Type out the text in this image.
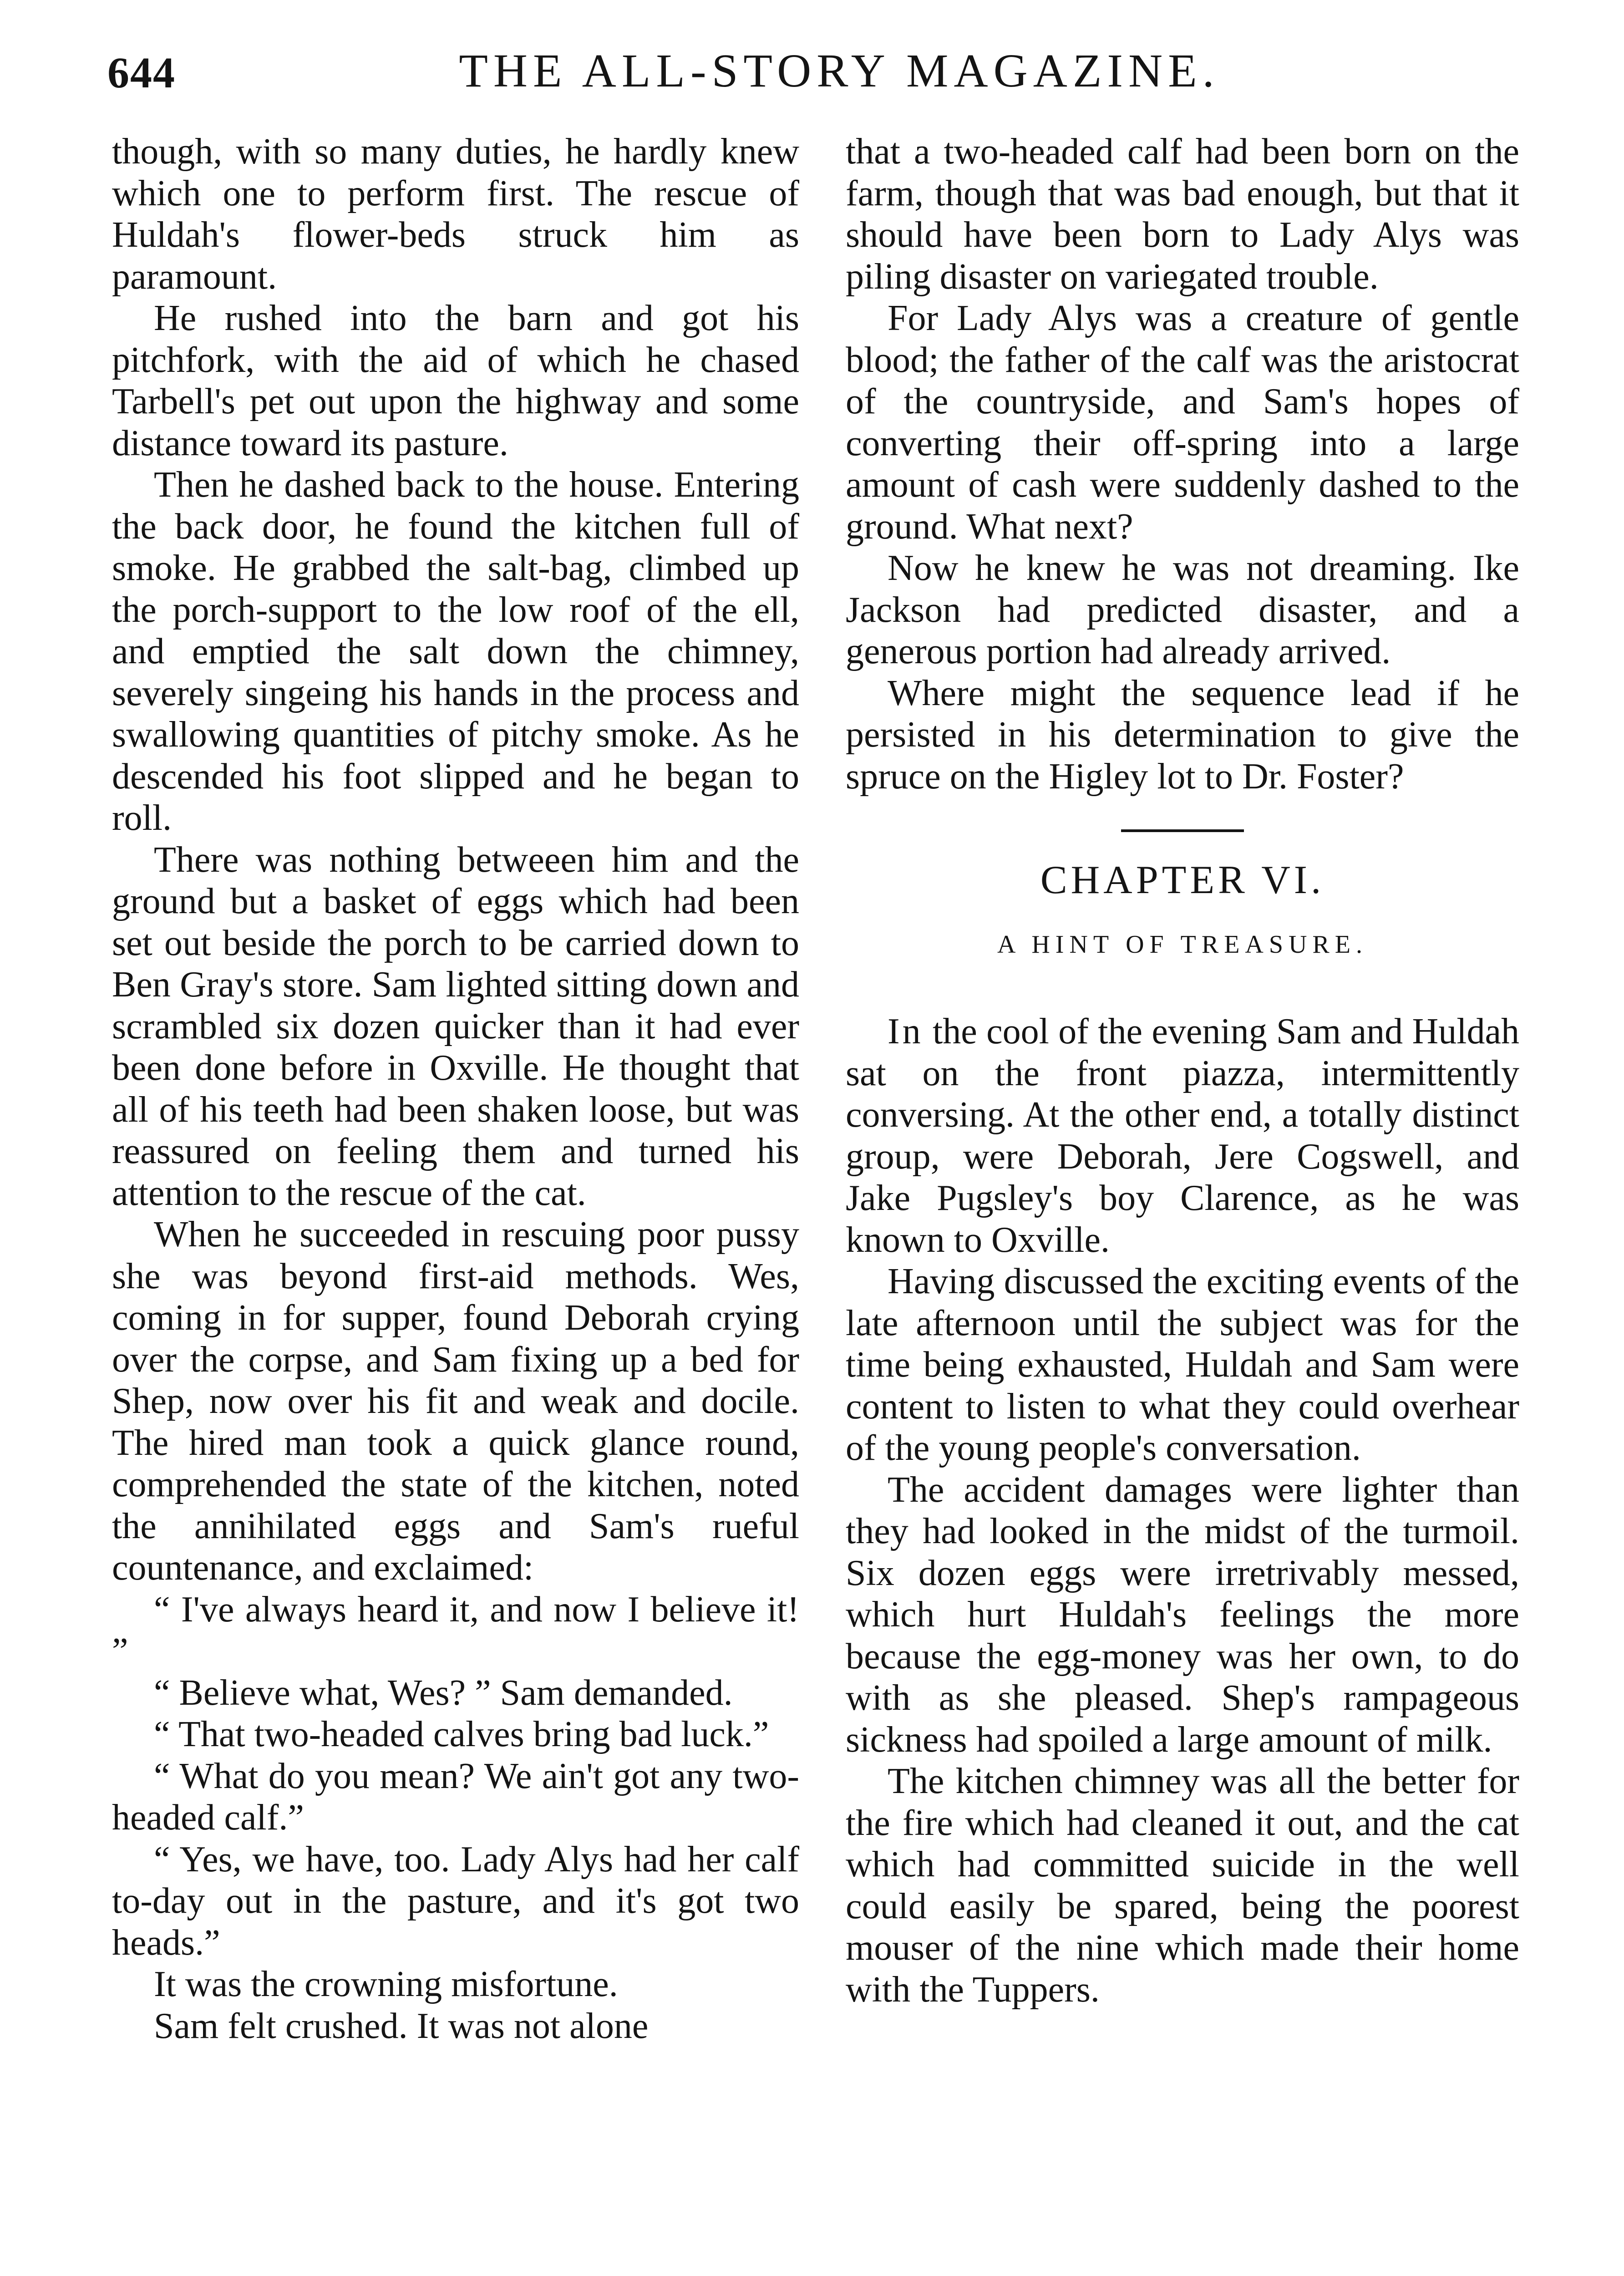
644	THE ALL-STORY MAGAZINE.

though, with so many duties, he hardly knew which one to perform first. The rescue of Huldah's flower-beds struck him as paramount.

He rushed into the barn and got his pitchfork, with the aid of which he chased Tarbell's pet out upon the highway and some distance toward its pasture.

Then he dashed back to the house. Entering the back door, he found the kitchen full of smoke. He grabbed the salt-bag, climbed up the porch-support to the low roof of the ell, and emptied the salt down the chimney, severely singeing his hands in the process and swallowing quantities of pitchy smoke. As he descended his foot slipped and he began to roll.

There was nothing betweeen him and the ground but a basket of eggs which had been set out beside the porch to be carried down to Ben Gray's store. Sam lighted sitting down and scrambled six dozen quicker than it had ever been done before in Oxville. He thought that all of his teeth had been shaken loose, but was reassured on feeling them and turned his attention to the rescue of the cat.

When he succeeded in rescuing poor pussy she was beyond first-aid methods. Wes, coming in for supper, found Deborah crying over the corpse, and Sam fixing up a bed for Shep, now over his fit and weak and docile. The hired man took a quick glance round, comprehended the state of the kitchen, noted the annihilated eggs and Sam's rueful countenance, and exclaimed:

“ I've always heard it, and now I believe it! ”

“ Believe what, Wes? ” Sam demanded.

“ That two-headed calves bring bad luck.”

“ What do you mean? We ain't got any two-headed calf.”

“ Yes, we have, too. Lady Alys had her calf to-day out in the pasture, and it's got two heads.”

It was the crowning misfortune.

Sam felt crushed. It was not alone

that a two-headed calf had been born on the farm, though that was bad enough, but that it should have been born to Lady Alys was piling disaster on variegated trouble.

For Lady Alys was a creature of gentle blood; the father of the calf was the aristocrat of the countryside, and Sam's hopes of converting their off-spring into a large amount of cash were suddenly dashed to the ground. What next?

Now he knew he was not dreaming. Ike Jackson had predicted disaster, and a generous portion had already arrived.

Where might the sequence lead if he persisted in his determination to give the spruce on the Higley lot to Dr. Foster?

CHAPTER VI.
A HINT OF TREASURE.

In the cool of the evening Sam and Huldah sat on the front piazza, intermittently conversing. At the other end, a totally distinct group, were Deborah, Jere Cogswell, and Jake Pugsley's boy Clarence, as he was known to Oxville.

Having discussed the exciting events of the late afternoon until the subject was for the time being exhausted, Huldah and Sam were content to listen to what they could overhear of the young people's conversation.

The accident damages were lighter than they had looked in the midst of the turmoil. Six dozen eggs were irretrivably messed, which hurt Huldah's feelings the more because the egg-money was her own, to do with as she pleased. Shep's rampageous sickness had spoiled a large amount of milk.

The kitchen chimney was all the better for the fire which had cleaned it out, and the cat which had committed suicide in the well could easily be spared, being the poorest mouser of the nine which made their home with the Tuppers.
